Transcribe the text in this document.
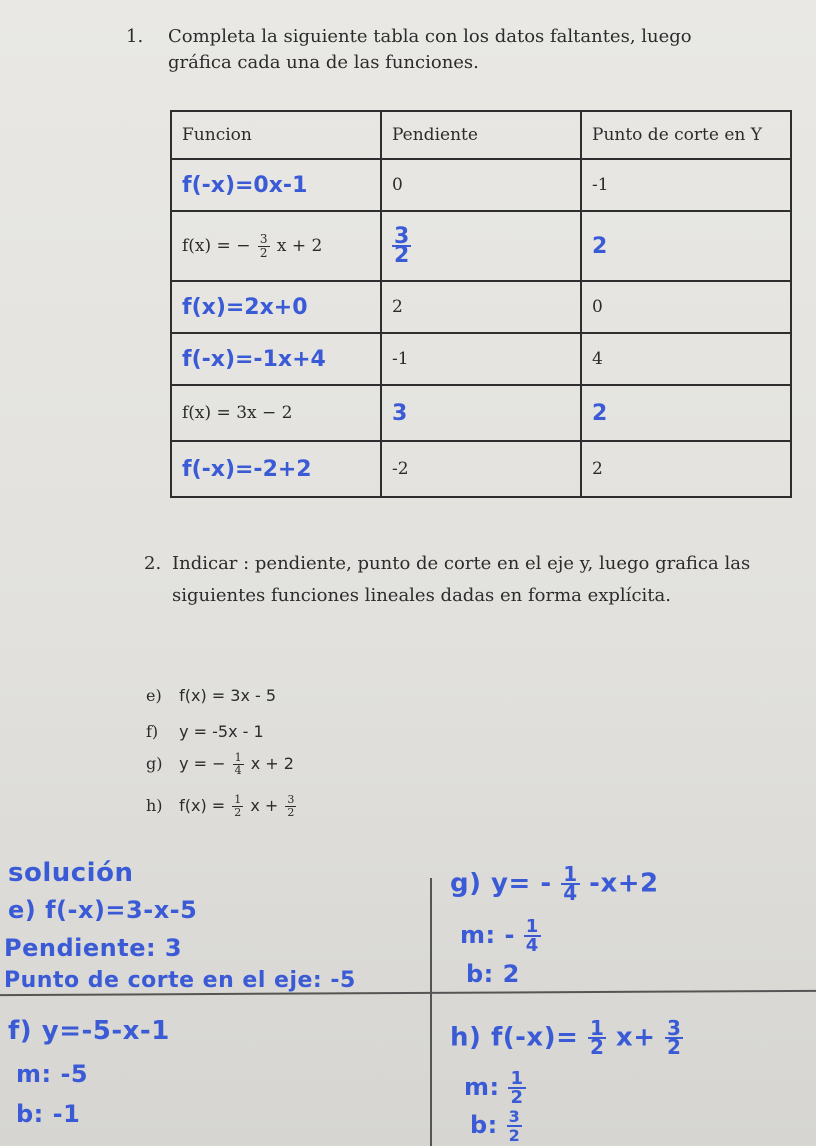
1. Completa la siguiente tabla con los datos faltantes, luego gráfica cada una de las funciones.
Funcion	Pendiente	Punto de corte en Y
f(-x)=0x-1	0	-1
f(x) = − $\frac{3}{2}$ x + 2	$\frac{3}{2}$	2
f(x)=2x+0	2	0
f(-x)=-1x+4	-1	4
f(x) = 3x − 2	3	2
f(-x)=-2+2	-2	2
2. Indicar : pendiente, punto de corte en el eje y, luego grafica las siguientes funciones lineales dadas en forma explícita.
e) f(x) = 3x - 5
f) y = -5x - 1
g) y = − $\frac{1}{4}$ x + 2
h) $f(x) = \frac{1}{2}$ $x + \frac{3}{2}$
solución
e) f(-x)=3-x-5
Pendiente: 3
Punto de corte en el eje: -5
f) y=-5-x-1
m: -5
b: -1
g) $y= - \frac{1}{4} -x+2$
m: - $\frac{1}{4}$
b: 2
h) $f(-x)= \frac{1}{2} x+ \frac{3}{2}$
m: $\frac{1}{2}$
b: $\frac{3}{2}$
